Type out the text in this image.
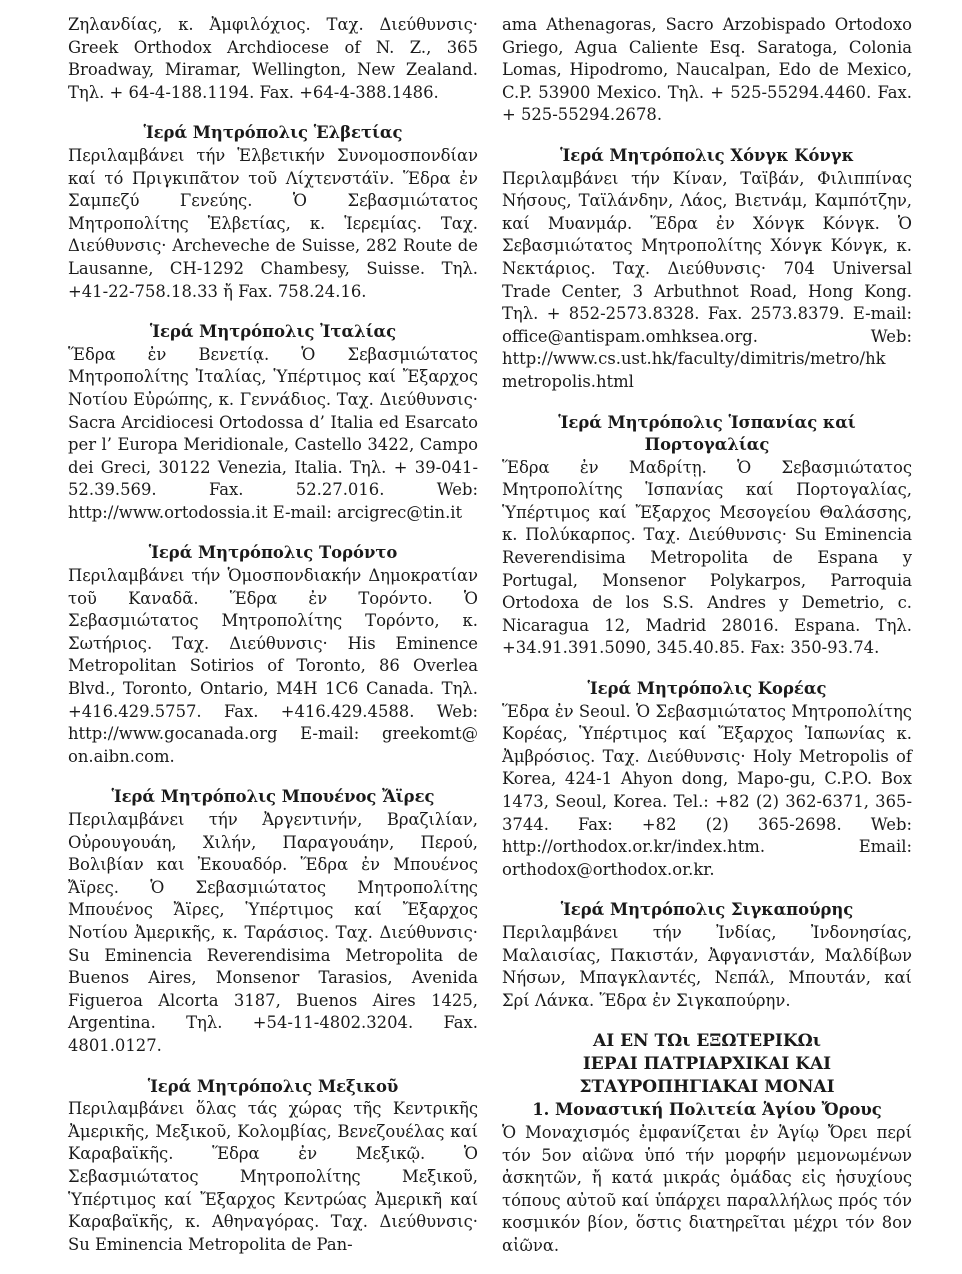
Ζηλανδίας, κ. Ἀμφιλόχιος. Ταχ. Διεύθυνσις· Greek Orthodox Archdiocese of N. Z., 365 Broadway, Miramar, Wellington, New Zealand. Τηλ. + 64-4-188.1194. Fax. +64-4-388.1486.

Ἱερά Μητρόπολις Ἑλβετίας

Περιλαμβάνει τήν Ἑλβετικήν Συνομοσπονδίαν καί τό Πριγκιπᾶτον τοῦ Λίχτενστάϊν. Ἕδρα ἐν Σαμπεζύ Γενεύης. Ὁ Σεβασμιώτατος Μητροπολίτης Ἑλβετίας, κ. Ἱερεμίας. Ταχ. Διεύθυνσις· Archeveche de Suisse, 282 Route de Lausanne, CH-1292 Chambesy, Suisse. Τηλ. +41-22-758.18.33 ἤ Fax. 758.24.16.

Ἱερά Μητρόπολις Ἰταλίας

Ἕδρα ἐν Βενετίᾳ. Ὁ Σεβασμιώτατος Μητροπολίτης Ἰταλίας, Ὑπέρτιμος καί Ἔξαρχος Νοτίου Εὐρώπης, κ. Γεννάδιος. Ταχ. Διεύθυνσις· Sacra Arcidiocesi Ortodossa d’ Italia ed Esarcato per l’ Europa Meridionale, Castello 3422, Campo dei Greci, 30122 Venezia, Italia. Τηλ. + 39-041-52.39.569. Fax. 52.27.016. Web: http://www.ortodossia.it E-mail: arcigrec@tin.it

Ἱερά Μητρόπολις Τορόντο

Περιλαμβάνει τήν Ὁμοσπονδιακήν Δημοκρατίαν τοῦ Καναδᾶ. Ἕδρα ἐν Τορόντο. Ὁ Σεβασμιώτατος Μητροπολίτης Τορόντο, κ. Σωτήριος. Ταχ. Διεύθυνσις· His Eminence Metropolitan Sotirios of Toronto, 86 Overlea Blvd., Toronto, Ontario, M4H 1C6 Canada. Τηλ. +416.429.5757. Fax. +416.429.4588. Web: http://www.gocanada.org E-mail: greekomt@ on.aibn.com.

Ἱερά Μητρόπολις Μπουένος Ἄϊρες

Περιλαμβάνει τήν Ἀργεντινήν, Βραζιλίαν, Οὐρουγουάη, Χιλήν, Παραγουάην, Περού, Βολιβίαν και Ἐκουαδόρ. Ἕδρα ἐν Μπουένος Ἄϊρες. Ὁ Σεβασμιώτατος Μητροπολίτης Μπουένος Ἄϊρες, Ὑπέρτιμος καί Ἔξαρχος Νοτίου Ἀμερικῆς, κ. Ταράσιος. Ταχ. Διεύθυνσις· Su Eminencia Reverendisima Metropolita de Buenos Aires, Monsenor Tarasios, Avenida Figueroa Alcorta 3187, Buenos Aires 1425, Argentina. Τηλ. +54-11-4802.3204. Fax. 4801.0127.

Ἱερά Μητρόπολις Μεξικοῦ

Περιλαμβάνει ὅλας τάς χώρας τῆς Κεντρικῆς Ἀμερικῆς, Μεξικοῦ, Κολομβίας, Βενεζουέλας καί Καραβαϊκῆς. Ἕδρα ἐν Μεξικῷ. Ὁ Σεβασμιώτατος Μητροπολίτης Μεξικοῦ, Ὑπέρτιμος καί Ἔξαρχος Κεντρώας Ἀμερικῆ καί Καραβαϊκῆς, κ. Αθηναγόρας. Ταχ. Διεύθυνσις· Su Eminencia Metropolita de Pan-

ama Athenagoras, Sacro Arzobispado Ortodoxo Griego, Agua Caliente Esq. Saratoga, Colonia Lomas, Hipodromo, Naucalpan, Edo de Mexico, C.P. 53900 Mexico. Τηλ. + 525-55294.4460. Fax. + 525-55294.2678.

Ἱερά Μητρόπολις Χόνγκ Κόνγκ

Περιλαμβάνει τήν Κίναν, Ταϊβάν, Φιλιππίνας Νήσους, Ταϊλάνδην, Λάος, Βιετνάμ, Καμπότζην, καί Μυανμάρ. Ἕδρα ἐν Χόνγκ Κόνγκ. Ὁ Σεβασμιώτατος Μητροπολίτης Χόνγκ Κόνγκ, κ. Νεκτάριος. Ταχ. Διεύθυνσις· 704 Universal Trade Center, 3 Arbuthnot Road, Hong Kong. Τηλ. + 852-2573.8328. Fax. 2573.8379. E-mail: office@antispam.omhksea.org. Web: http://www.cs.ust.hk/faculty/dimitris/metro/hk metropolis.html

Ἱερά Μητρόπολις Ἱσπανίας καί Πορτογαλίας

Ἕδρα ἐν Μαδρίτῃ. Ὁ Σεβασμιώτατος Μητροπολίτης Ἱσπανίας καί Πορτογαλίας, Ὑπέρτιμος καί Ἔξαρχος Μεσογείου Θαλάσσης, κ. Πολύκαρπος. Ταχ. Διεύθυνσις· Su Eminencia Reverendisima Metropolita de Espana y Portugal, Monsenor Polykarpos, Parroquia Ortodoxa de los S.S. Andres y Demetrio, c. Nicaragua 12, Madrid 28016. Espana. Τηλ. +34.91.391.5090, 345.40.85. Fax: 350-93.74.

Ἱερά Μητρόπολις Κορέας

Ἕδρα ἐν Seoul. Ὁ Σεβασμιώτατος Μητροπολίτης Κορέας, Ὑπέρτιμος καί Ἔξαρχος Ἰαπωνίας κ. Ἀμβρόσιος. Ταχ. Διεύθυνσις· Holy Metropolis of Korea, 424-1 Ahyon dong, Mapo-gu, C.P.O. Box 1473, Seoul, Korea. Tel.: +82 (2) 362-6371, 365-3744. Fax: +82 (2) 365-2698. Web: http://orthodox.or.kr/index.htm. Email: orthodox@orthodox.or.kr.

Ἱερά Μητρόπολις Σιγκαπούρης

Περιλαμβάνει τήν Ἰνδίας, Ἰνδονησίας, Μαλαισίας, Πακιστάν, Ἀφγανιστάν, Μαλδίβων Νήσων, Μπαγκλαντές, Νεπάλ, Μπουτάν, καί Σρί Λάνκα. Ἕδρα ἐν Σιγκαπούρην.

ΑΙ ΕΝ ΤΩι ΕΞΩΤΕΡΙΚΩι
ΙΕΡΑΙ ΠΑΤΡΙΑΡΧΙΚΑΙ ΚΑΙ
ΣΤΑΥΡΟΠΗΓΙΑΚΑΙ ΜΟΝΑΙ
1. Μοναστική Πολιτεία Ἁγίου Ὄρους

Ὁ Μοναχισμός ἐμφανίζεται ἐν Ἁγίῳ Ὄρει περί τόν 5ον αἰῶνα ὑπό τήν μορφήν μεμονωμένων ἀσκητῶν, ἤ κατά μικράς ὁμάδας εἰς ἡσυχίους τόπους αὐτοῦ καί ὑπάρχει παραλλήλως πρός τόν κοσμικόν βίον, ὅστις διατηρεῖται μέχρι τόν 8ον αἰῶνα.
